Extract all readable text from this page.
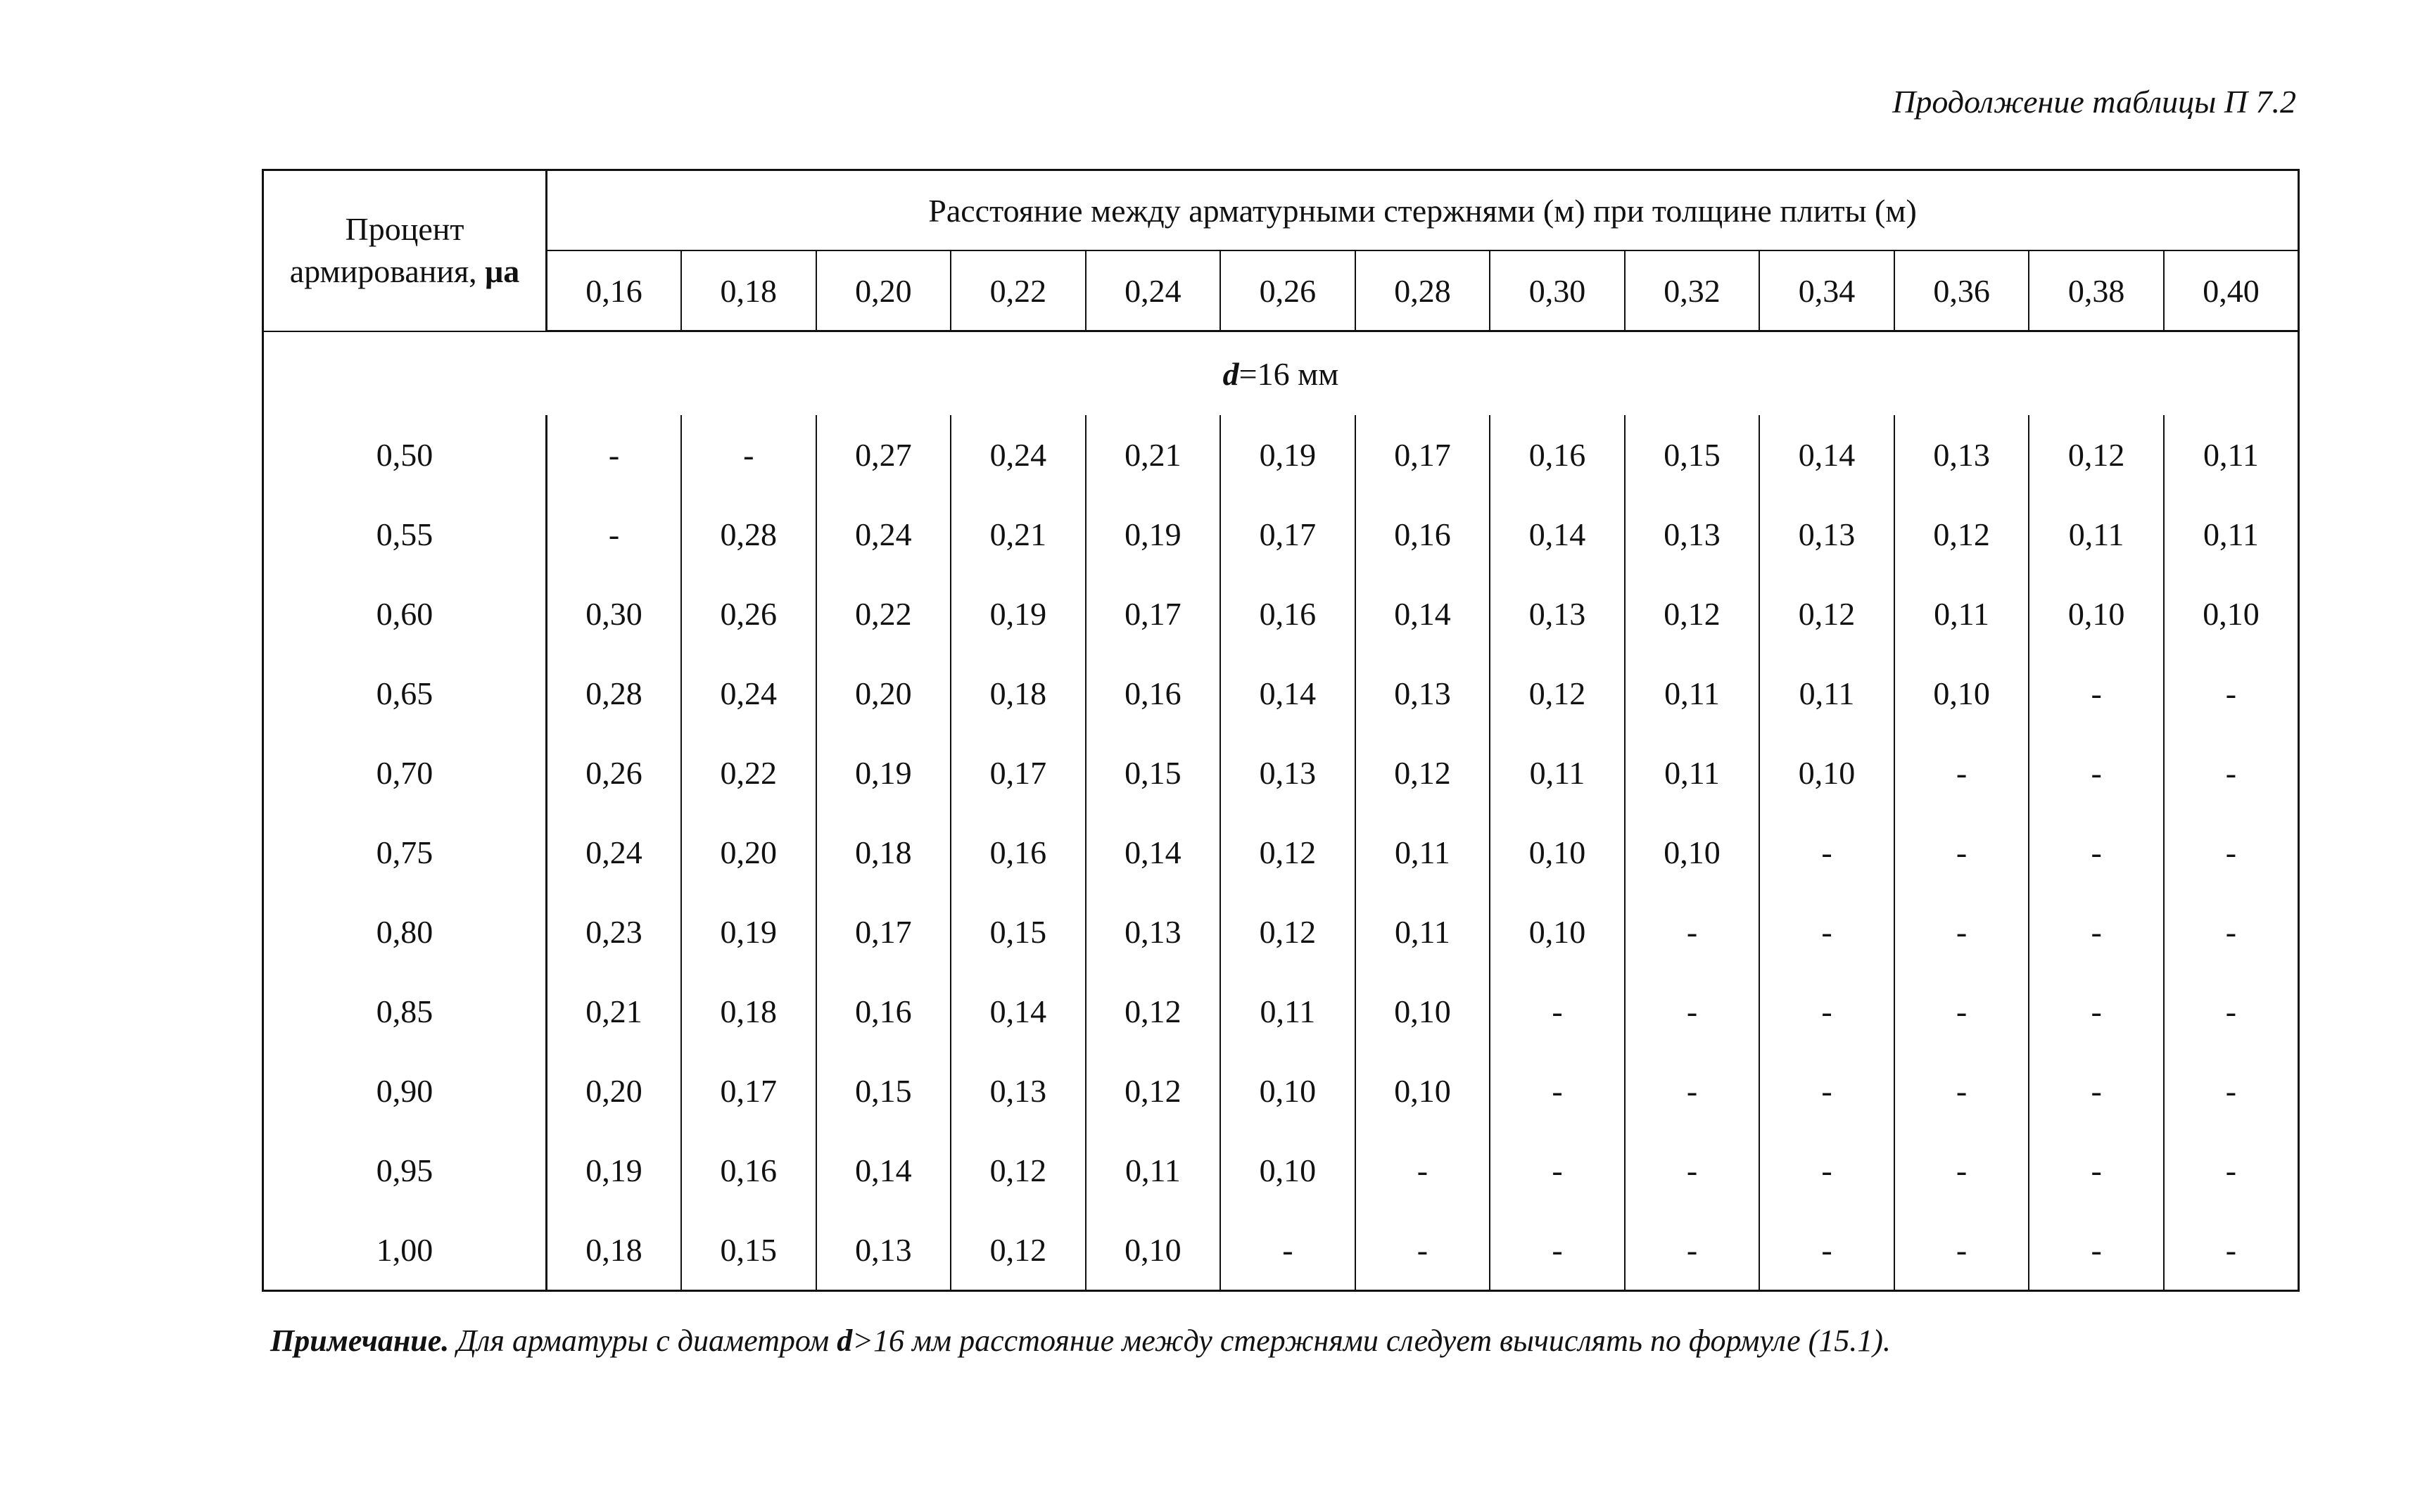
Продолжение таблицы П 7.2
Процент
армирования, μа	Расстояние между арматурными стержнями (м) при толщине плиты (м)												
	0,16	0,18	0,20	0,22	0,24	0,26	0,28	0,30	0,32	0,34	0,36	0,38	0,40
d=16 мм													
0,50	-	-	0,27	0,24	0,21	0,19	0,17	0,16	0,15	0,14	0,13	0,12	0,11
0,55	-	0,28	0,24	0,21	0,19	0,17	0,16	0,14	0,13	0,13	0,12	0,11	0,11
0,60	0,30	0,26	0,22	0,19	0,17	0,16	0,14	0,13	0,12	0,12	0,11	0,10	0,10
0,65	0,28	0,24	0,20	0,18	0,16	0,14	0,13	0,12	0,11	0,11	0,10	-	-
0,70	0,26	0,22	0,19	0,17	0,15	0,13	0,12	0,11	0,11	0,10	-	-	-
0,75	0,24	0,20	0,18	0,16	0,14	0,12	0,11	0,10	0,10	-	-	-	-
0,80	0,23	0,19	0,17	0,15	0,13	0,12	0,11	0,10	-	-	-	-	-
0,85	0,21	0,18	0,16	0,14	0,12	0,11	0,10	-	-	-	-	-	-
0,90	0,20	0,17	0,15	0,13	0,12	0,10	0,10	-	-	-	-	-	-
0,95	0,19	0,16	0,14	0,12	0,11	0,10	-	-	-	-	-	-	-
1,00	0,18	0,15	0,13	0,12	0,10	-	-	-	-	-	-	-	-
Примечание. Для арматуры с диаметром d>16 мм расстояние между стержнями следует вычислять по формуле (15.1).
